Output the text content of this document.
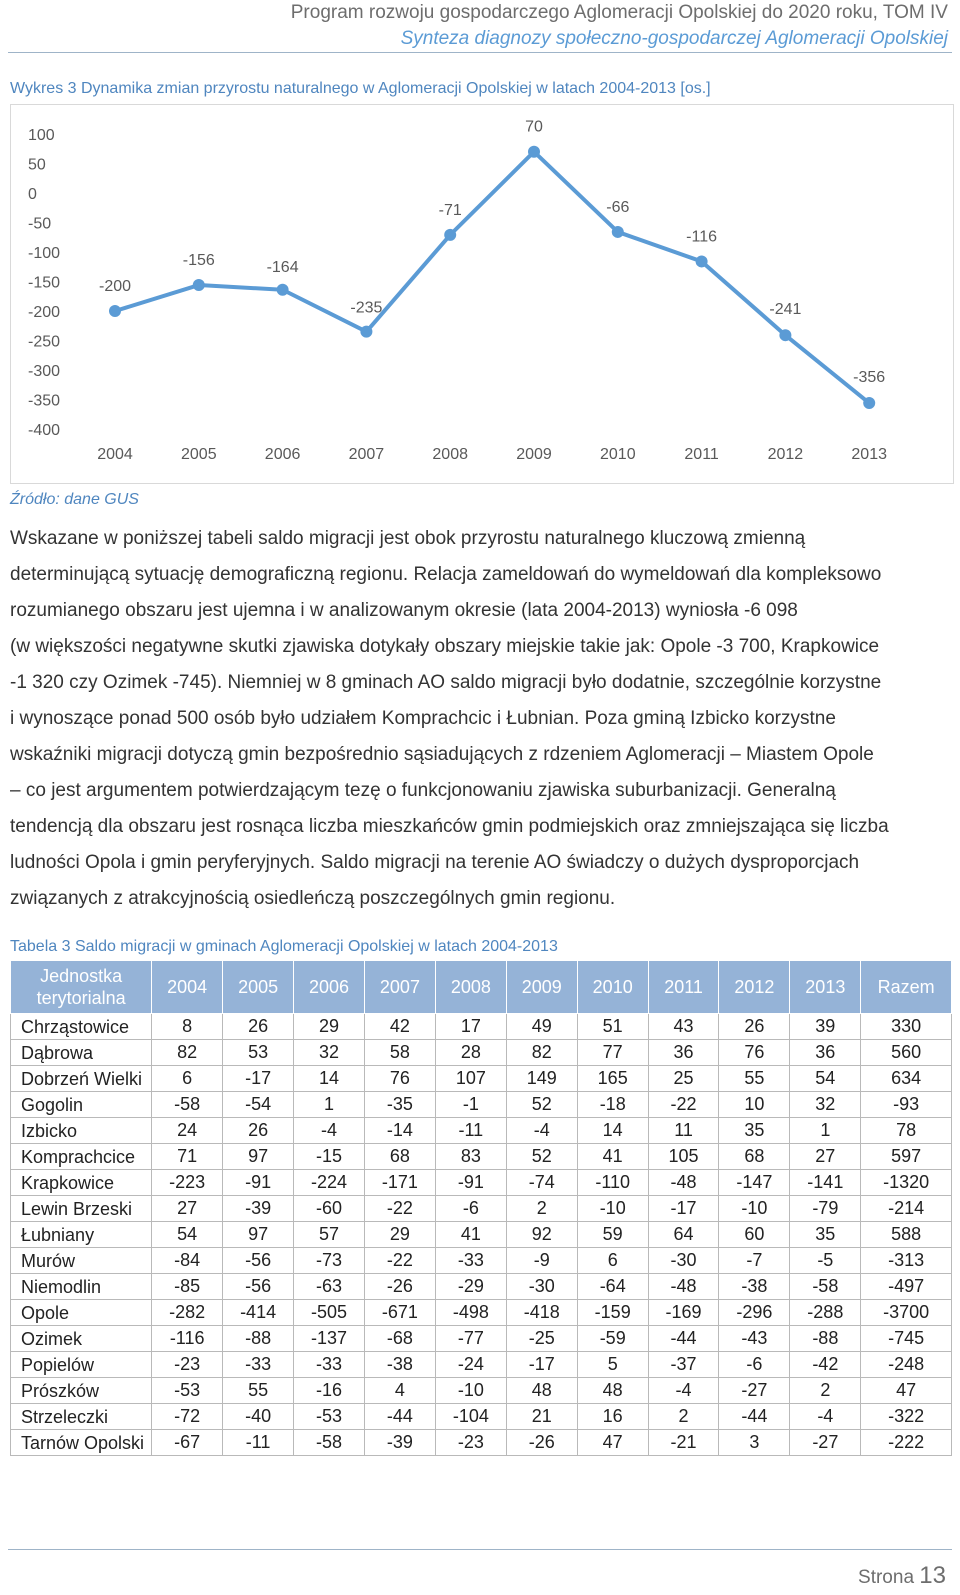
Program rozwoju gospodarczego Aglomeracji Opolskiej do 2020 roku, TOM IV
Synteza diagnozy społeczno-gospodarczej Aglomeracji Opolskiej
Wykres 3 Dynamika zmian przyrostu naturalnego w Aglomeracji Opolskiej w latach 2004-2013 [os.]
100
50
0
-50
-100
-150
-200
-250
-300
-350
-400
2004	2005	2006	2007	2008	2009	2010	2011	2012	2013
-200
-156	-164
-235
-71
70
-66
-116
-241
-356
Źródło: dane GUS
Wskazane w poniższej tabeli saldo migracji jest obok przyrostu naturalnego kluczową zmienną
determinującą sytuację demograficzną regionu. Relacja zameldowań do wymeldowań dla kompleksowo
rozumianego obszaru jest ujemna i w analizowanym okresie (lata 2004-2013) wyniosła -6 098
(w większości negatywne skutki zjawiska dotykały obszary miejskie takie jak: Opole -3 700, Krapkowice
-1 320 czy Ozimek -745). Niemniej w 8 gminach AO saldo migracji było dodatnie, szczególnie korzystne
i wynoszące ponad 500 osób było udziałem Komprachcic i Łubnian. Poza gminą Izbicko korzystne
wskaźniki migracji dotyczą gmin bezpośrednio sąsiadujących z rdzeniem Aglomeracji – Miastem Opole
– co jest argumentem potwierdzającym tezę o funkcjonowaniu zjawiska suburbanizacji. Generalną
tendencją dla obszaru jest rosnąca liczba mieszkańców gmin podmiejskich oraz zmniejszająca się liczba
ludności Opola i gmin peryferyjnych. Saldo migracji na terenie AO świadczy o dużych dysproporcjach
związanych z atrakcyjnością osiedleńczą poszczególnych gmin regionu.
Tabela 3 Saldo migracji w gminach Aglomeracji Opolskiej w latach 2004-2013
Jednostka terytorialna	2004	2005	2006	2007	2008	2009	2010	2011	2012	2013	Razem
Chrząstowice	8	26	29	42	17	49	51	43	26	39	330
Dąbrowa	82	53	32	58	28	82	77	36	76	36	560
Dobrzeń Wielki	6	-17	14	76	107	149	165	25	55	54	634
Gogolin	-58	-54	1	-35	-1	52	-18	-22	10	32	-93
Izbicko	24	26	-4	-14	-11	-4	14	11	35	1	78
Komprachcice	71	97	-15	68	83	52	41	105	68	27	597
Krapkowice	-223	-91	-224	-171	-91	-74	-110	-48	-147	-141	-1320
Lewin Brzeski	27	-39	-60	-22	-6	2	-10	-17	-10	-79	-214
Łubniany	54	97	57	29	41	92	59	64	60	35	588
Murów	-84	-56	-73	-22	-33	-9	6	-30	-7	-5	-313
Niemodlin	-85	-56	-63	-26	-29	-30	-64	-48	-38	-58	-497
Opole	-282	-414	-505	-671	-498	-418	-159	-169	-296	-288	-3700
Ozimek	-116	-88	-137	-68	-77	-25	-59	-44	-43	-88	-745
Popielów	-23	-33	-33	-38	-24	-17	5	-37	-6	-42	-248
Prószków	-53	55	-16	4	-10	48	48	-4	-27	2	47
Strzeleczki	-72	-40	-53	-44	-104	21	16	2	-44	-4	-322
Tarnów Opolski	-67	-11	-58	-39	-23	-26	47	-21	3	-27	-222
Strona 13
